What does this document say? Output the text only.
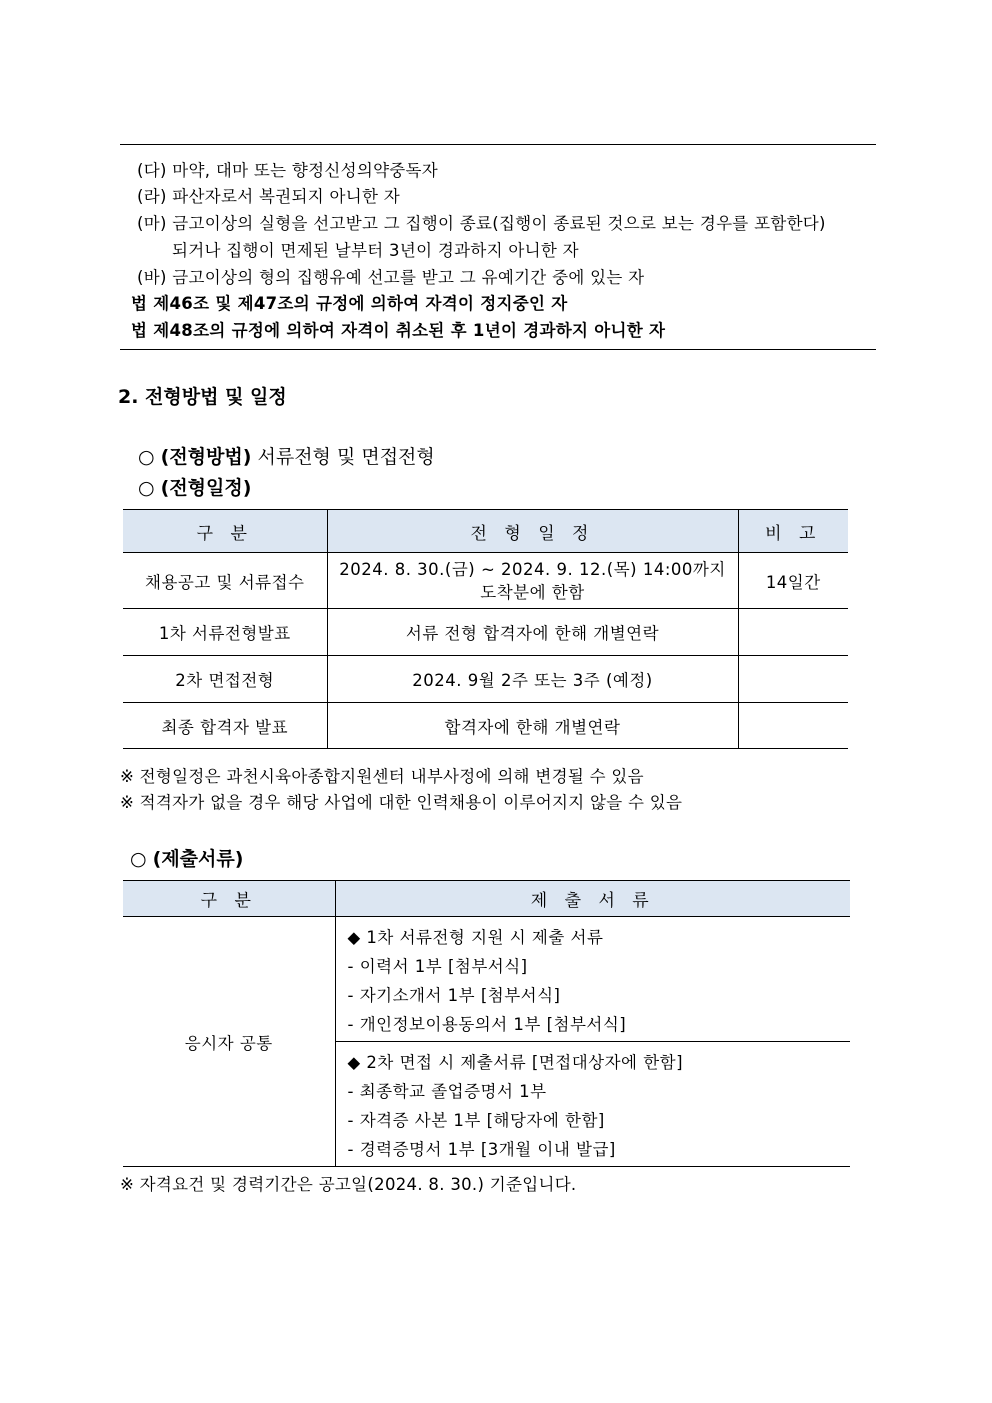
(다) 마약, 대마 또는 향정신성의약중독자
(라) 파산자로서 복권되지 아니한 자
(마) 금고이상의 실형을 선고받고 그 집행이 종료(집행이 종료된 것으로 보는 경우를 포함한다)
되거나 집행이 면제된 날부터 3년이 경과하지 아니한 자
(바) 금고이상의 형의 집행유예 선고를 받고 그 유예기간 중에 있는 자
법 제46조 및 제47조의 규정에 의하여 자격이 정지중인 자
법 제48조의 규정에 의하여 자격이 취소된 후 1년이 경과하지 아니한 자
2. 전형방법 및 일정
○ (전형방법) 서류전형 및 면접전형
○ (전형일정)
구 분	전 형 일 정	비 고
채용공고 및 서류접수	2024. 8. 30.(금) ~ 2024. 9. 12.(목) 14:00까지
도착분에 한함	14일간
1차 서류전형발표	서류 전형 합격자에 한해 개별연락	
2차 면접전형	2024. 9월 2주 또는 3주 (예정)	
최종 합격자 발표	합격자에 한해 개별연락	
※ 전형일정은 과천시육아종합지원센터 내부사정에 의해 변경될 수 있음
※ 적격자가 없을 경우 해당 사업에 대한 인력채용이 이루어지지 않을 수 있음
○ (제출서류)
구 분	제 출 서 류
응시자 공통	◆ 1차 서류전형 지원 시 제출 서류
- 이력서 1부 [첨부서식]
- 자기소개서 1부 [첨부서식]
- 개인정보이용동의서 1부 [첨부서식]

	◆ 2차 면접 시 제출서류 [면접대상자에 한함]
- 최종학교 졸업증명서 1부
- 자격증 사본 1부 [해당자에 한함]
- 경력증명서 1부 [3개월 이내 발급]
※ 자격요건 및 경력기간은 공고일(2024. 8. 30.) 기준입니다.
